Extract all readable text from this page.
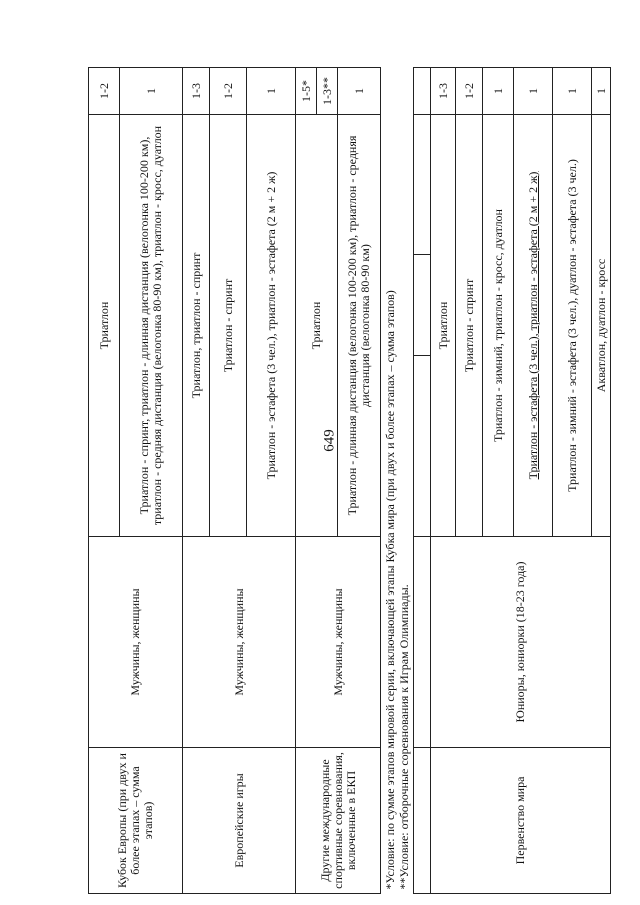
649
Кубок Европы (при двух и более этапах – сумма этапов)	Мужчины, женщины	Триатлон			1-2
		Триатлон - спринт, триатлон - длинная дистанция (велогонка 100-200 км), триатлон - средняя дистанция (велогонка 80-90 км), триатлон - кросс, дуатлон			1
Европейские игры	Мужчины, женщины	Триатлон, триатлон - спринт			1-3
		Триатлон - спринт			1-2
		Триатлон - эстафета (3 чел.), триатлон - эстафета (2 м + 2 ж)			1
Другие международные спортивные соревнования, включенные в ЕКП	Мужчины, женщины	Триатлон			1-5*
					1-3**
		Триатлон - длинная дистанция (велогонка 100-200 км), триатлон - средняя дистанция (велогонка 80-90 км)			1

*Условие: по сумме этапов мировой серии, включающей этапы Кубка мира (при двух и более этапах – сумма этапов) **Условие: отборочные соревнования к Играм Олимпиады.					

Первенство мира	Юниоры, юниорки (18-23 года)	Триатлон			1-3
		Триатлон - спринт			1-2
		Триатлон - зимний, триатлон - кросс, дуатлон			1
		Триатлон - эстафета (3 чел.), триатлон - эстафета (2 м + 2 ж)			1
		Триатлон - зимний - эстафета (3 чел.), дуатлон - эстафета (3 чел.)			1
		Акватлон, дуатлон - кросс			1
